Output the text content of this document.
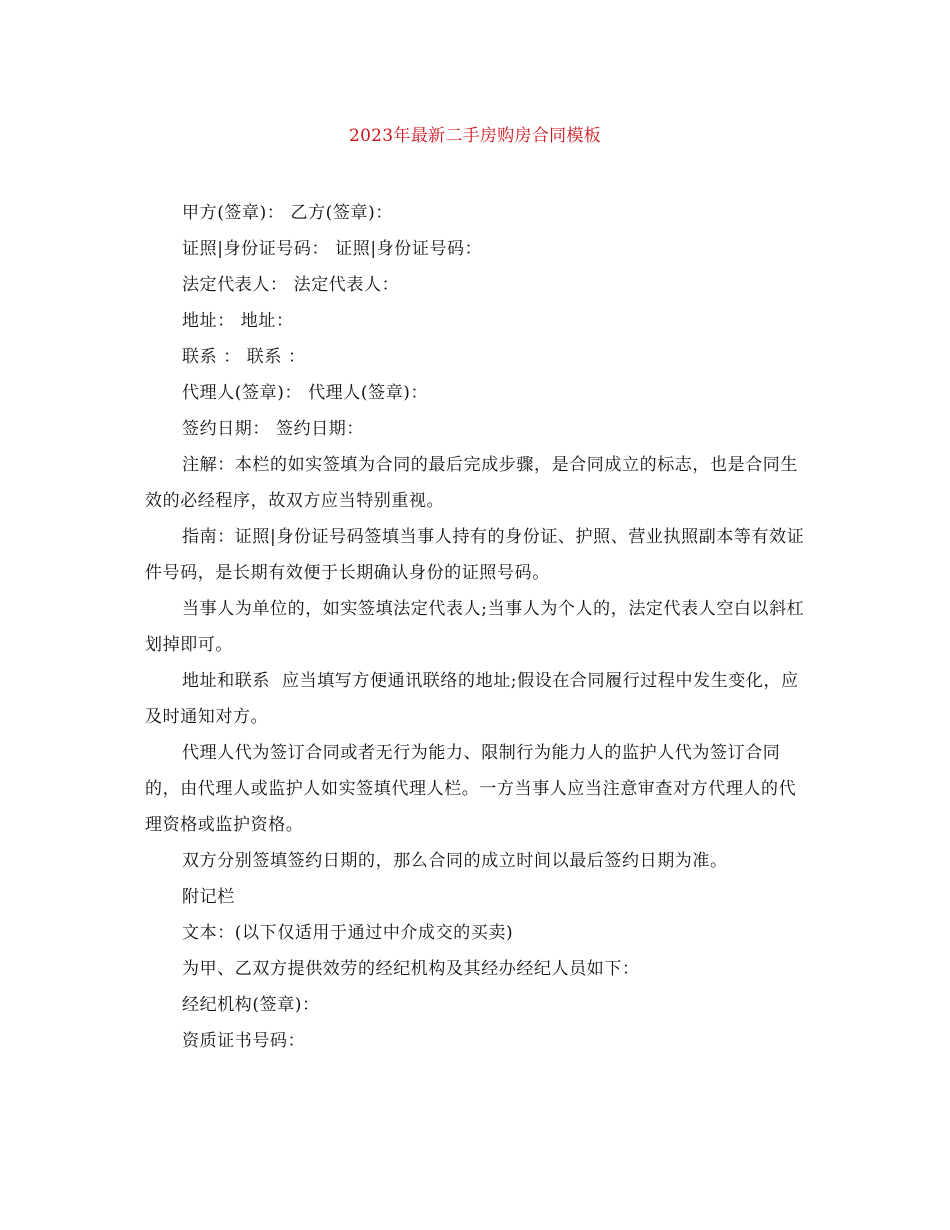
2023年最新二手房购房合同模板

甲方(签章)： 乙方(签章)：

证照|身份证号码： 证照|身份证号码：

法定代表人： 法定代表人：

地址： 地址：

联系 ： 联系 ：

代理人(签章)： 代理人(签章)：

签约日期： 签约日期：

注解：本栏的如实签填为合同的最后完成步骤，是合同成立的标志，也是合同生效的必经程序，故双方应当特别重视。

指南：证照|身份证号码签填当事人持有的身份证、护照、营业执照副本等有效证件号码，是长期有效便于长期确认身份的证照号码。

当事人为单位的，如实签填法定代表人;当事人为个人的，法定代表人空白以斜杠划掉即可。

地址和联系  应当填写方便通讯联络的地址;假设在合同履行过程中发生变化，应及时通知对方。

代理人代为签订合同或者无行为能力、限制行为能力人的监护人代为签订合同的，由代理人或监护人如实签填代理人栏。一方当事人应当注意审查对方代理人的代理资格或监护资格。

双方分别签填签约日期的，那么合同的成立时间以最后签约日期为准。

附记栏

文本：(以下仅适用于通过中介成交的买卖)

为甲、乙双方提供效劳的经纪机构及其经办经纪人员如下：

经纪机构(签章)：

资质证书号码：
